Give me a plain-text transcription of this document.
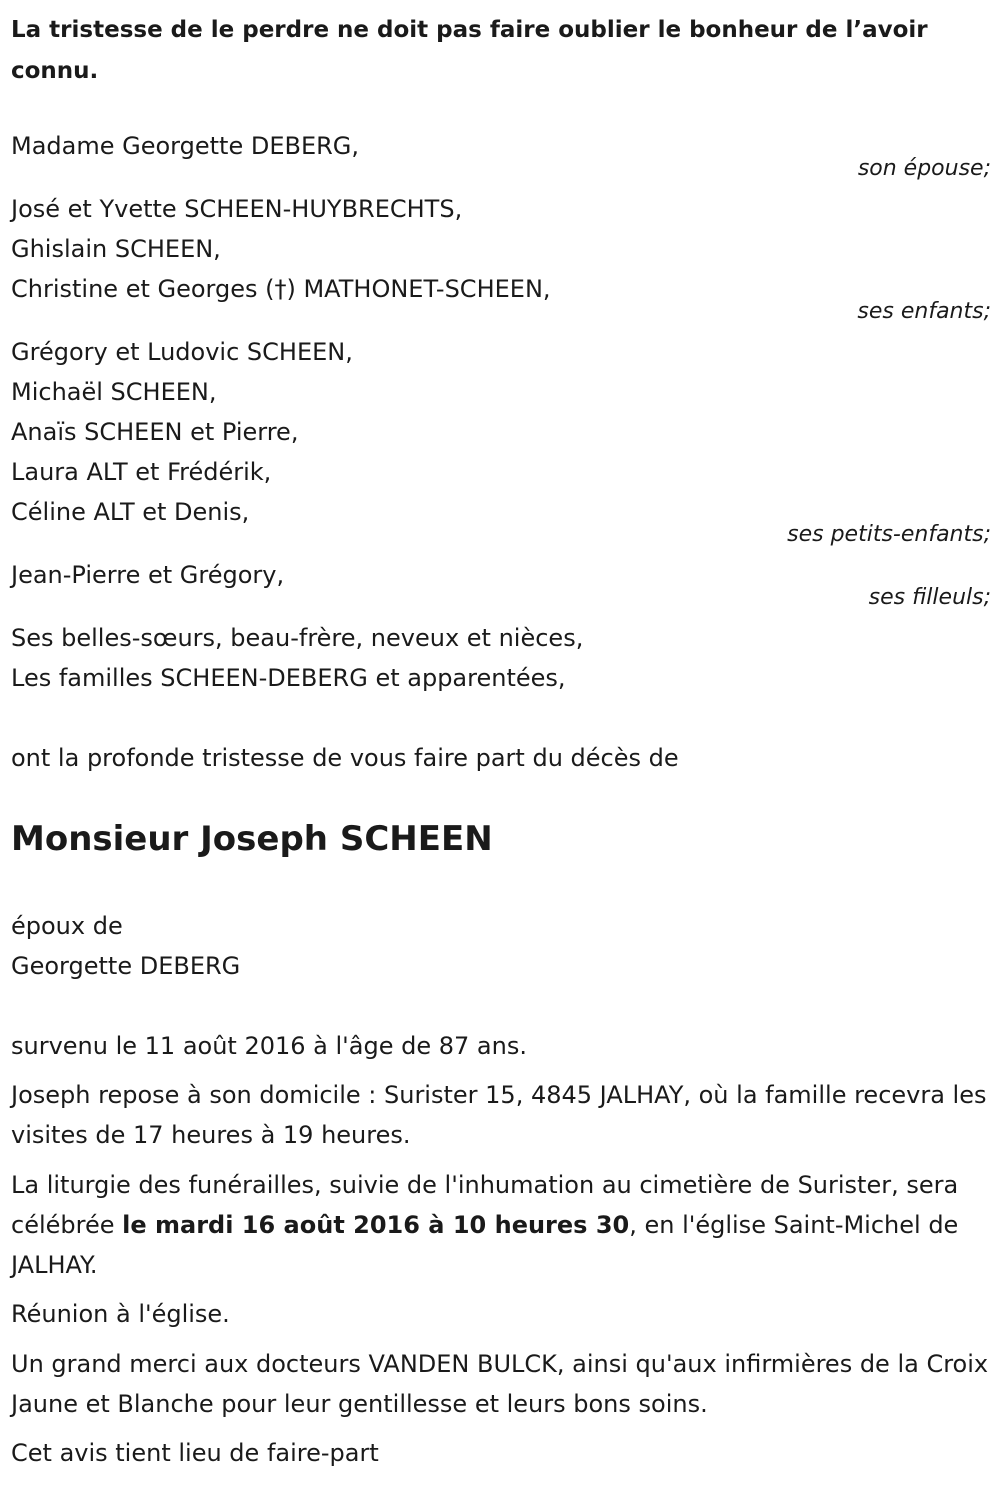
La tristesse de le perdre ne doit pas faire oublier le bonheur de l’avoir connu.

Madame Georgette DEBERG,

son épouse;

José et Yvette SCHEEN-HUYBRECHTS,

Ghislain SCHEEN,

Christine et Georges (†) MATHONET-SCHEEN,

ses enfants;

Grégory et Ludovic SCHEEN,

Michaël SCHEEN,

Anaïs SCHEEN et Pierre,

Laura ALT et Frédérik,

Céline ALT et Denis,

ses petits-enfants;

Jean-Pierre et Grégory,

ses filleuls;

Ses belles-sœurs, beau-frère, neveux et nièces,

Les familles SCHEEN-DEBERG et apparentées,

ont la profonde tristesse de vous faire part du décès de

Monsieur Joseph SCHEEN

époux de

Georgette DEBERG

survenu le 11 août 2016 à l'âge de 87 ans.

Joseph repose à son domicile : Surister 15, 4845 JALHAY, où la famille recevra les visites de 17 heures à 19 heures.

La liturgie des funérailles, suivie de l'inhumation au cimetière de Surister, sera célébrée le mardi 16 août 2016 à 10 heures 30, en l'église Saint-Michel de JALHAY.

Réunion à l'église.

Un grand merci aux docteurs VANDEN BULCK, ainsi qu'aux infirmières de la Croix Jaune et Blanche pour leur gentillesse et leurs bons soins.

Cet avis tient lieu de faire-part
